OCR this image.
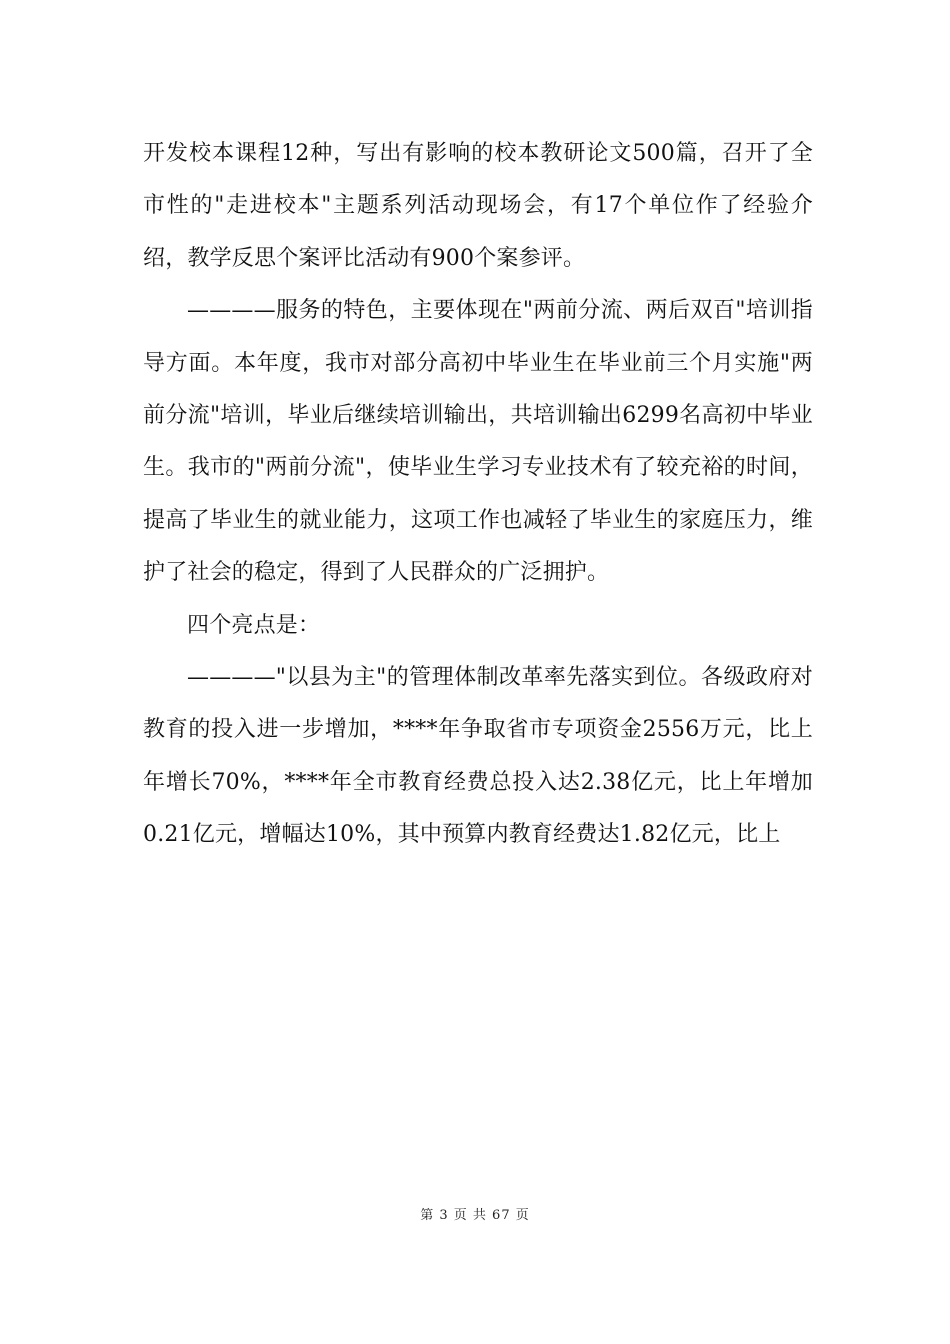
开发校本课程12种，写出有影响的校本教研论文500篇，召开了全市性的"走进校本"主题系列活动现场会，有17个单位作了经验介绍，教学反思个案评比活动有900个案参评。

————服务的特色，主要体现在"两前分流、两后双百"培训指导方面。本年度，我市对部分高初中毕业生在毕业前三个月实施"两前分流"培训，毕业后继续培训输出，共培训输出6299名高初中毕业生。我市的"两前分流"，使毕业生学习专业技术有了较充裕的时间，提高了毕业生的就业能力，这项工作也减轻了毕业生的家庭压力，维护了社会的稳定，得到了人民群众的广泛拥护。

四个亮点是：

————"以县为主"的管理体制改革率先落实到位。各级政府对教育的投入进一步增加，****年争取省市专项资金2556万元，比上年增长70%，****年全市教育经费总投入达2.38亿元，比上年增加0.21亿元，增幅达10%，其中预算内教育经费达1.82亿元，比上

第 3 页 共 67 页
